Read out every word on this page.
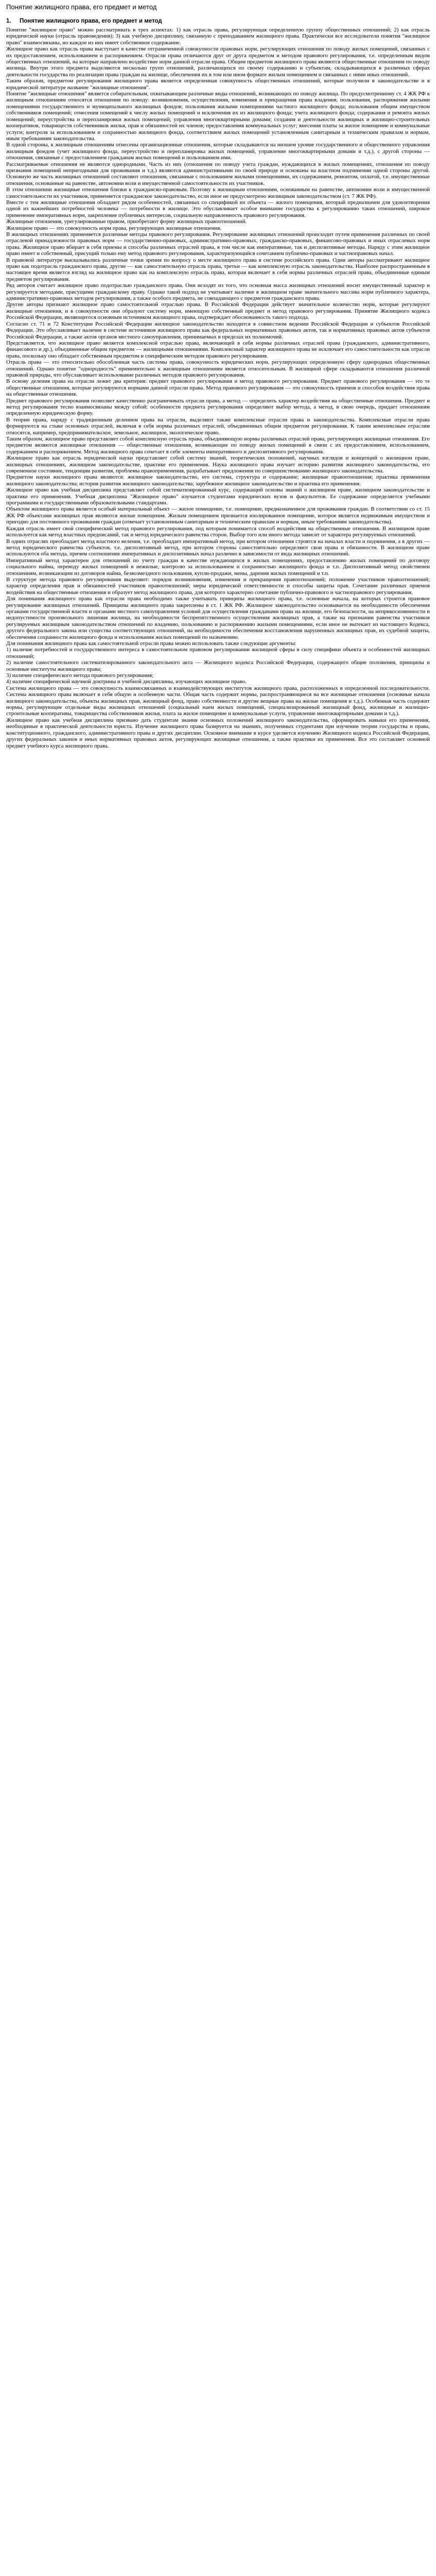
Понятие жилищного права, его предмет и метод
1. Понятие жилищного права, его предмет и метод

Понятие "жилищное право" можно рассматривать в трех аспектах: 1) как отрасль права, регулирующая определенную группу общественных отношений; 2) как отрасль юридической науки (отрасль правоведения); 3) как учебную дисциплину, связанную с преподаванием жилищного права. Практически все исследователи понятия "жилищное право" взаимосвязаны, но каждое из них имеет собственное содержание.

Жилищное право как отрасль права выступает в качестве отграниченной совокупности правовых норм, регулирующих отношения по поводу жилых помещений, связанных с их предоставлением, использованием и распоряжением. Отрасли права отличаются друг от друга предметом и методом правового регулирования, т.е. определенным видом общественных отношений, на которые направлено воздействие норм данной отрасли права. Общим предметом жилищного права являются общественные отношения по поводу жилища. Внутри этого предмета выделяются несколько групп отношений, различающихся по своему содержанию и субъектам, складывающихся в различных сферах деятельности государства по реализации права граждан на жилище, обеспечения их в том или ином формате жилым помещением и связанных с ними иных отношений.

Таким образом, предметом регулирования жилищного права является определенная совокупность общественных отношений, которые получили в законодательстве и в юридической литературе название "жилищные отношения".

Понятие "жилищные отношения" является собирательным, охватывающим различные виды отношений, возникающих по поводу жилища. По предусмотренному ст. 4 ЖК РФ к жилищным отношениям относятся отношения по поводу: возникновения, осуществления, изменения и прекращения права владения, пользования, распоряжения жилыми помещениями государственного и муниципального жилищных фондов; пользования жилыми помещениями частного жилищного фонда; пользования общим имуществом собственников помещений; отнесения помещений к числу жилых помещений и исключения их из жилищного фонда; учета жилищного фонда; содержания и ремонта жилых помещений; переустройства и перепланировки жилых помещений; управления многоквартирными домами; создания и деятельности жилищных и жилищно-строительных кооперативов, товариществ собственников жилья, прав и обязанностей их членов; предоставления коммунальных услуг; внесения платы за жилое помещение и коммунальные услуги; контроля за использованием и сохранностью жилищного фонда, соответствием жилых помещений установленным санитарным и техническим правилам и нормам, иным требованиям законодательства.

В одной стороны, к жилищным отношениям отнесены организационные отношения, которые складываются на низшем уровне государственного и общественного управления жилищным фондом (учет жилищного фонда, переустройство и перепланировка жилых помещений, управление многоквартирными домами и т.д.), с другой стороны — отношения, связанные с предоставлением гражданам жилых помещений и пользованием ими.

Рассматриваемые отношения не являются однородными. Часть из них (отношения по поводу учета граждан, нуждающихся в жилых помещениях, отношения по поводу признания помещений непригодными для проживания и т.д.) являются административными по своей природе и основаны на властном подчинении одной стороны другой. Основную же часть жилищных отношений составляют отношения, связанные с пользованием жилыми помещениями, их содержанием, ремонтом, оплатой, т.е. имущественные отношения, основанные на равенстве, автономии воли и имущественной самостоятельности их участников.

В этом отношении жилищные отношения близки к гражданско-правовым. Поэтому к жилищным отношениям, основанным на равенстве, автономии воли и имущественной самостоятельности их участников, применяется гражданское законодательство, если иное не предусмотрено жилищным законодательством (ст. 7 ЖК РФ).

Вместе с тем жилищные отношения обладают рядом особенностей, связанных со спецификой их объекта — жилого помещения, который предназначен для удовлетворения одной из важнейших потребностей человека — потребности в жилище. Это обуславливает особое внимание государства к регулированию таких отношений, широкое применение императивных норм, закрепление публичных интересов, социальную направленность правового регулирования.

Жилищные отношения, урегулированные правом, приобретают форму жилищных правоотношений.

Жилищное право — это совокупность норм права, регулирующих жилищные отношения.

В жилищных отношениях применяется различные методы правового регулирования. Регулирование жилищных отношений происходит путем применения различных по своей отраслевой принадлежности правовых норм — государственно-правовых, административно-правовых, гражданско-правовых, финансово-правовых и иных отраслевых норм права. Жилищное право вбирает в себя приемы и способы различных отраслей права, в том числе как императивные, так и диспозитивные методы. Наряду с этим жилищное право имеет и собственный, присущий только ему метод правового регулирования, характеризующийся сочетанием публично-правовых и частноправовых начал.

В правовой литературе высказывались различные точки зрения по вопросу о месте жилищного права в системе российского права. Одни авторы рассматривают жилищное право как подотрасль гражданского права, другие — как самостоятельную отрасль права, третьи — как комплексную отрасль законодательства. Наиболее распространенным в настоящее время является взгляд на жилищное право как на комплексную отрасль права, которая включает в себя нормы различных отраслей права, объединенные единым предметом регулирования.

Ряд авторов считает жилищное право подотраслью гражданского права. Они исходят из того, что основная масса жилищных отношений носит имущественный характер и регулируется методами, присущими гражданскому праву. Однако такой подход не учитывает наличие в жилищном праве значительного массива норм публичного характера, административно-правовых методов регулирования, а также особого предмета, не совпадающего с предметом гражданского права.

Другие авторы признают жилищное право самостоятельной отраслью права. В Российской Федерации действует значительное количество норм, которые регулируют жилищные отношения, и в совокупности они образуют систему норм, имеющую собственный предмет и метод правового регулирования. Принятие Жилищного кодекса Российской Федерации, являющегося основным источником жилищного права, подтверждает обоснованность такого подхода.

Согласно ст. 71 и 72 Конституции Российской Федерации жилищное законодательство находится в совместном ведении Российской Федерации и субъектов Российской Федерации. Это обуславливает наличие в системе источников жилищного права как федеральных нормативных правовых актов, так и нормативных правовых актов субъектов Российской Федерации, а также актов органов местного самоуправления, принимаемых в пределах их полномочий.

Представляется, что жилищное право является комплексной отраслью права, включающей в себя нормы различных отраслей права (гражданского, административного, финансового и др.), объединенные общим предметом — жилищными отношениями. Комплексный характер жилищного права не исключает его самостоятельности как отрасли права, поскольку оно обладает собственным предметом и специфическим методом правового регулирования.

Отрасль права — это относительно обособленная часть системы права, совокупность юридических норм, регулирующих определенную сферу однородных общественных отношений. Однако понятие "однородность" применительно к жилищным отношениям является относительным. В жилищной сфере складываются отношения различной правовой природы, что обуславливает использование различных методов правового регулирования.

В основу деления права на отрасли лежит два критерия: предмет правового регулирования и метод правового регулирования. Предмет правового регулирования — это те общественные отношения, которые регулируются нормами данной отрасли права. Метод правового регулирования — это совокупность приемов и способов воздействия права на общественные отношения.

Предмет правового регулирования позволяет качественно разграничивать отрасли права, а метод — определить характер воздействия на общественные отношения. Предмет и метод регулирования тесно взаимосвязаны между собой: особенности предмета регулирования определяют выбор метода, а метод, в свою очередь, придает отношениям определенную юридическую форму.

В теории права, наряду с традиционным делением права на отрасли, выделяют также комплексные отрасли права и законодательства. Комплексные отрасли права формируются на стыке основных отраслей, включая в себя нормы различных отраслей, объединенных общим предметом регулирования. К таким комплексным отраслям относятся, например, предпринимательское, земельное, жилищное, экологическое право.

Таким образом, жилищное право представляет собой комплексную отрасль права, объединяющую нормы различных отраслей права, регулирующих жилищные отношения. Его предметом являются жилищные отношения — общественные отношения, возникающие по поводу жилых помещений в связи с их предоставлением, использованием, содержанием и распоряжением. Метод жилищного права сочетает в себе элементы императивного и диспозитивного регулирования.

Жилищное право как отрасль юридической науки представляет собой систему знаний, теоретических положений, научных взглядов и концепций о жилищном праве, жилищных отношениях, жилищном законодательстве, практике его применения. Наука жилищного права изучает историю развития жилищного законодательства, его современное состояние, тенденции развития, проблемы правоприменения, разрабатывает предложения по совершенствованию жилищного законодательства.

Предметом науки жилищного права являются: жилищное законодательство, его система, структура и содержание; жилищные правоотношения; практика применения жилищного законодательства; история развития жилищного законодательства; зарубежное жилищное законодательство и практика его применения.

Жилищное право как учебная дисциплина представляет собой систематизированный курс, содержащий основы знаний о жилищном праве, жилищном законодательстве и практике его применения. Учебная дисциплина "Жилищное право" изучается студентами юридических вузов и факультетов. Ее содержание определяется учебными программами и государственными образовательными стандартами.

Объектом жилищного права является особый материальный объект — жилое помещение, т.е. помещение, предназначенное для проживания граждан. В соответствии со ст. 15 ЖК РФ объектами жилищных прав являются жилые помещения. Жилым помещением признается изолированное помещение, которое является недвижимым имуществом и пригодно для постоянного проживания граждан (отвечает установленным санитарным и техническим правилам и нормам, иным требованиям законодательства).

Каждая отрасль имеет свой специфический метод правового регулирования, под которым понимается способ воздействия на общественные отношения. В жилищном праве используется как метод властных предписаний, так и метод юридического равенства сторон. Выбор того или иного метода зависит от характера регулируемых отношений.

В одних отраслях преобладает метод властного веления, т.е. преобладает императивный метод, при котором отношения строятся на началах власти и подчинения, а в других — метод юридического равенства субъектов, т.е. диспозитивный метод, при котором стороны самостоятельно определяют свои права и обязанности. В жилищном праве используются оба метода, причем соотношение императивных и диспозитивных начал различно в зависимости от вида жилищных отношений.

Императивный метод характерен для отношений по учету граждан в качестве нуждающихся в жилых помещениях, предоставлению жилых помещений по договору социального найма, переводу жилых помещений в нежилые, контролю за использованием и сохранностью жилищного фонда и т.п. Диспозитивный метод свойственен отношениям, возникающим из договоров найма, безвозмездного пользования, купли-продажи, мены, дарения жилых помещений и т.п.

В структуре метода правового регулирования выделяют: порядок возникновения, изменения и прекращения правоотношений; положение участников правоотношений; характер определения прав и обязанностей участников правоотношений; меры юридической ответственности и способы защиты прав. Сочетание различных приемов воздействия на общественные отношения и образует метод жилищного права, для которого характерно сочетание публично-правового и частноправового регулирования.

Для понимания жилищного права как отрасли права необходимо также учитывать принципы жилищного права, т.е. основные начала, на которых строится правовое регулирование жилищных отношений. Принципы жилищного права закреплены в ст. 1 ЖК РФ. Жилищное законодательство основывается на необходимости обеспечения органами государственной власти и органами местного самоуправления условий для осуществления гражданами права на жилище, его безопасности, на неприкосновенности и недопустимости произвольного лишения жилища, на необходимости беспрепятственного осуществления жилищных прав, а также на признании равенства участников регулируемых жилищным законодательством отношений по владению, пользованию и распоряжению жилыми помещениями, если иное не вытекает из настоящего Кодекса, другого федерального закона или существа соответствующих отношений, на необходимости обеспечения восстановления нарушенных жилищных прав, их судебной защиты, обеспечения сохранности жилищного фонда и использования жилых помещений по назначению.

Для понимания жилищного права как самостоятельной отрасли права можно использовать также следующие аргументы:

1) наличие потребностей и государственного интереса в самостоятельном правовом регулировании жилищной сферы в силу специфики объекта и особенностей жилищных отношений;

2) наличие самостоятельного систематизированного законодательного акта — Жилищного кодекса Российской Федерации, содержащего общие положения, принципы и основные институты жилищного права;

3) наличие специфического метода правового регулирования;

4) наличие специфической научной доктрины и учебной дисциплины, изучающих жилищное право.

Система жилищного права — это совокупность взаимосвязанных и взаимодействующих институтов жилищного права, расположенных в определенной последовательности. Система жилищного права включает в себя общую и особенную части. Общая часть содержит нормы, распространяющиеся на все жилищные отношения (основные начала жилищного законодательства, объекты жилищных прав, жилищный фонд, право собственности и другие вещные права на жилые помещения и т.д.). Особенная часть содержит нормы, регулирующие отдельные виды жилищных отношений (социальный наем жилых помещений, специализированный жилищный фонд, жилищные и жилищно-строительные кооперативы, товарищества собственников жилья, плата за жилое помещение и коммунальные услуги, управление многоквартирными домами и т.д.).

Жилищное право как учебная дисциплина призвано дать студентам знания основных положений жилищного законодательства, сформировать навыки его применения, необходимые в практической деятельности юриста. Изучение жилищного права базируется на знаниях, полученных студентами при изучении теории государства и права, конституционного, гражданского, административного права и других дисциплин. Основное внимание в курсе уделяется изучению Жилищного кодекса Российской Федерации, других федеральных законов и иных нормативных правовых актов, регулирующих жилищные отношения, а также практики их применения. Все это составляет основной предмет учебного курса жилищного права.
